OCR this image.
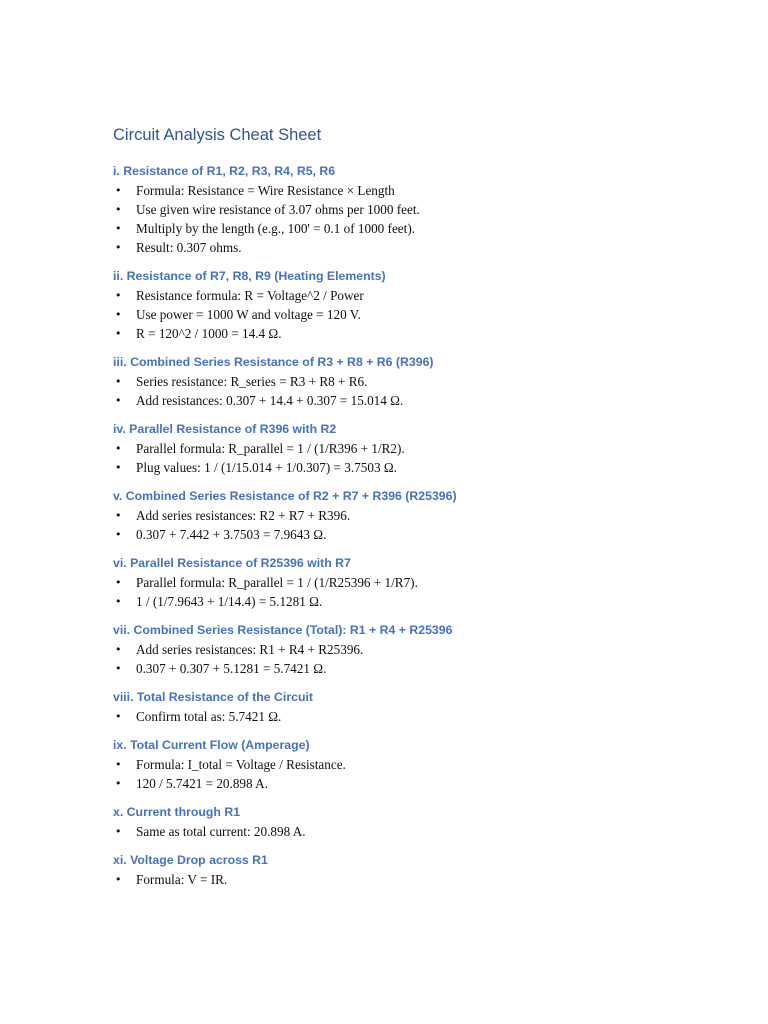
Circuit Analysis Cheat Sheet
i. Resistance of R1, R2, R3, R4, R5, R6
• Formula: Resistance = Wire Resistance × Length
• Use given wire resistance of 3.07 ohms per 1000 feet.
• Multiply by the length (e.g., 100' = 0.1 of 1000 feet).
• Result: 0.307 ohms.
ii. Resistance of R7, R8, R9 (Heating Elements)
• Resistance formula: R = Voltage^2 / Power
• Use power = 1000 W and voltage = 120 V.
• R = 120^2 / 1000 = 14.4 Ω.
iii. Combined Series Resistance of R3 + R8 + R6 (R396)
• Series resistance: R_series = R3 + R8 + R6.
• Add resistances: 0.307 + 14.4 + 0.307 = 15.014 Ω.
iv. Parallel Resistance of R396 with R2
• Parallel formula: R_parallel = 1 / (1/R396 + 1/R2).
• Plug values: 1 / (1/15.014 + 1/0.307) = 3.7503 Ω.
v. Combined Series Resistance of R2 + R7 + R396 (R25396)
• Add series resistances: R2 + R7 + R396.
• 0.307 + 7.442 + 3.7503 = 7.9643 Ω.
vi. Parallel Resistance of R25396 with R7
• Parallel formula: R_parallel = 1 / (1/R25396 + 1/R7).
• 1 / (1/7.9643 + 1/14.4) = 5.1281 Ω.
vii. Combined Series Resistance (Total): R1 + R4 + R25396
• Add series resistances: R1 + R4 + R25396.
• 0.307 + 0.307 + 5.1281 = 5.7421 Ω.
viii. Total Resistance of the Circuit
• Confirm total as: 5.7421 Ω.
ix. Total Current Flow (Amperage)
• Formula: I_total = Voltage / Resistance.
• 120 / 5.7421 = 20.898 A.
x. Current through R1
• Same as total current: 20.898 A.
xi. Voltage Drop across R1
• Formula: V = IR.
